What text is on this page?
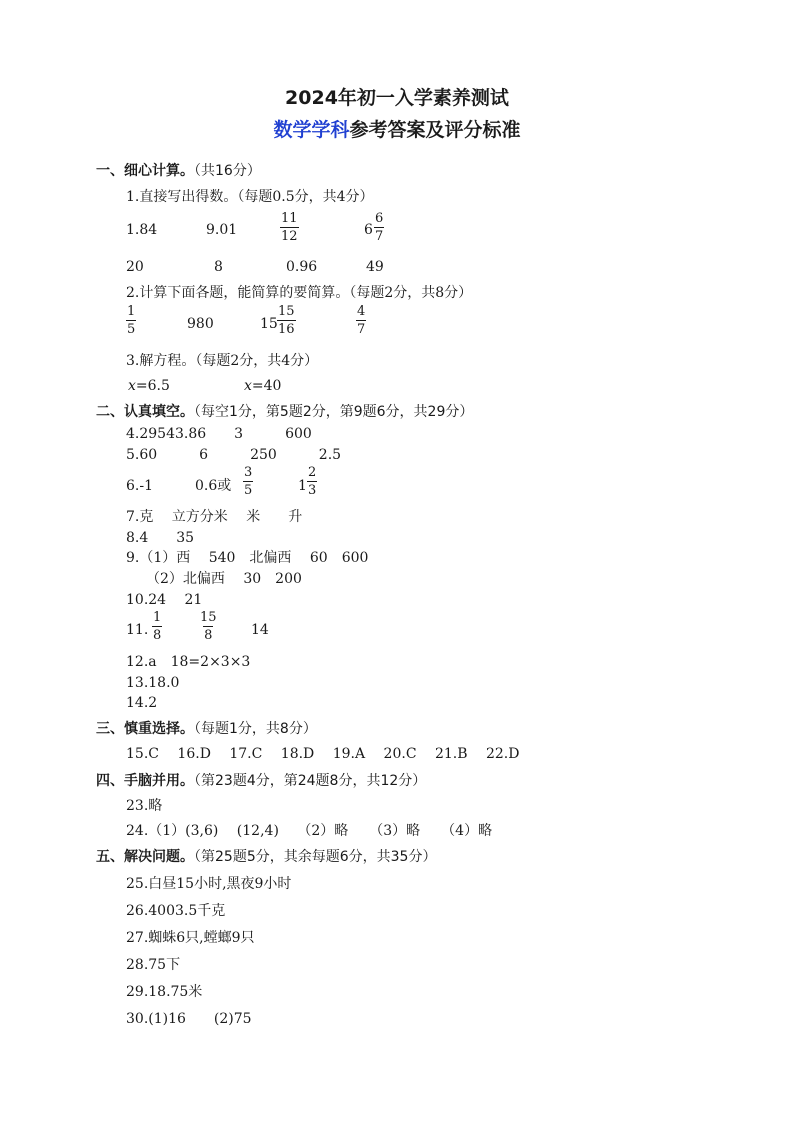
2024年初一入学素养测试
数学学科参考答案及评分标准
一、细心计算。（共16分）
1.直接写出得数。（每题0.5分，共4分）
1.84	9.01	$\frac{11}{12}$	$6 \frac{6}{7}$
20	8	0.96	49
2.计算下面各题，能简算的要简算。（每题2分，共8分）
$\frac{1}{5}$	980	$15 \frac{15}{16}$	$\frac{4}{7}$
3.解方程。（每题2分，共4分）
x=6.5	x=40
二、认真填空。（每空1分，第5题2分，第9题6分，共29分）
4.29543.86　　3　　　600
5.60　　　6　　　250　　　2.5
6.-1　　　0.6或 $\frac{3}{5}$	$1 \frac{2}{3}$
7.克　 立方分米　 米　　升
8.4　　35
9.（1）西　 540　北偏西　 60　600
（2）北偏西　 30　200
10.24　 21
11. $\frac{1}{8}$	$\frac{15}{8} 14$
12.a　18=2×3×3
13.18.0
14.2
三、慎重选择。（每题1分，共8分）
15.C　 16.D　 17.C　 18.D　 19.A　 20.C　 21.B　 22.D
四、手脑并用。（第23题4分，第24题8分，共12分）
23.略
24.（1）(3,6)　 (12,4)　 （2）略　　（3）略　　（4）略
五、解决问题。（第25题5分，其余每题6分，共35分）
25.白昼15小时,黑夜9小时
26.4003.5千克
27.蜘蛛6只,螳螂9只
28.75下
29.18.75米
30.(1)16　　(2)75
